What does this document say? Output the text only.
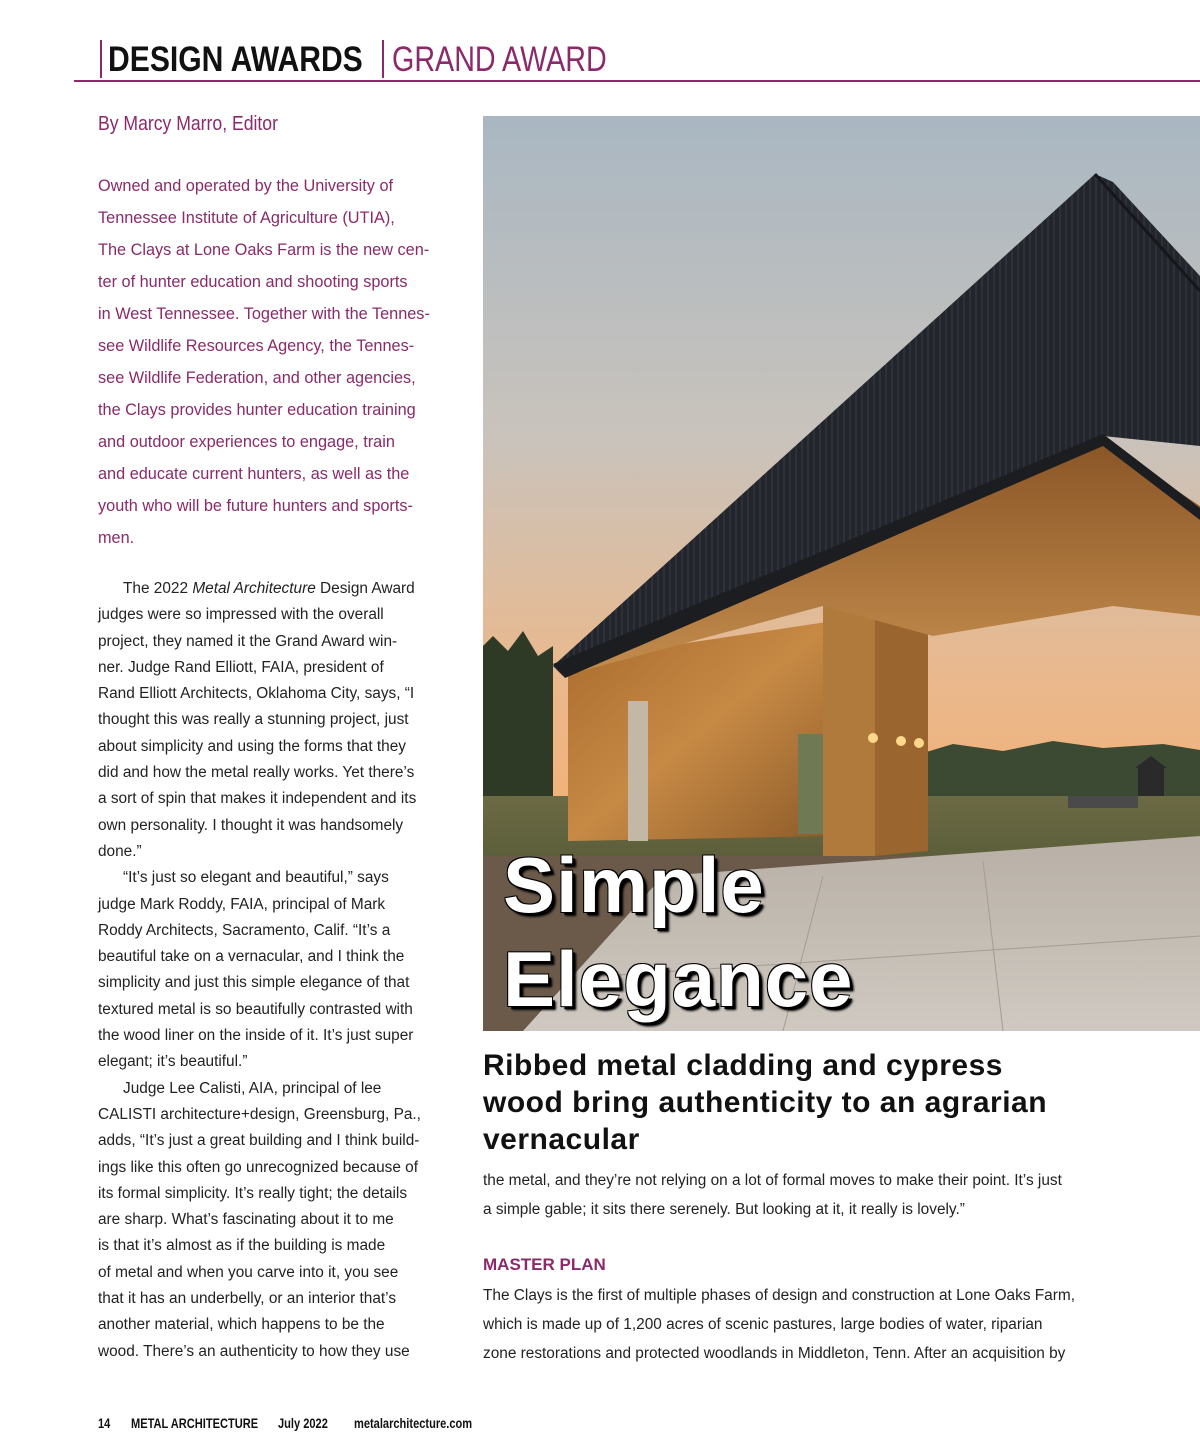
DESIGN AWARDS GRAND AWARD
By Marcy Marro, Editor
Owned and operated by the University of
Tennessee Institute of Agriculture (UTIA),
The Clays at Lone Oaks Farm is the new cen-
ter of hunter education and shooting sports
in West Tennessee. Together with the Tennes-
see Wildlife Resources Agency, the Tennes-
see Wildlife Federation, and other agencies,
the Clays provides hunter education training
and outdoor experiences to engage, train
and educate current hunters, as well as the
youth who will be future hunters and sports-
men.
The 2022 Metal Architecture Design Award
judges were so impressed with the overall
project, they named it the Grand Award win-
ner. Judge Rand Elliott, FAIA, president of
Rand Elliott Architects, Oklahoma City, says, “I
thought this was really a stunning project, just
about simplicity and using the forms that they
did and how the metal really works. Yet there’s
a sort of spin that makes it independent and its
own personality. I thought it was handsomely
done.”
“It’s just so elegant and beautiful,” says
judge Mark Roddy, FAIA, principal of Mark
Roddy Architects, Sacramento, Calif. “It’s a
beautiful take on a vernacular, and I think the
simplicity and just this simple elegance of that
textured metal is so beautifully contrasted with
the wood liner on the inside of it. It’s just super
elegant; it’s beautiful.”
Judge Lee Calisti, AIA, principal of lee
CALISTI architecture+design, Greensburg, Pa.,
adds, “It’s just a great building and I think build-
ings like this often go unrecognized because of
its formal simplicity. It’s really tight; the details
are sharp. What’s fascinating about it to me
is that it’s almost as if the building is made
of metal and when you carve into it, you see
that it has an underbelly, or an interior that’s
another material, which happens to be the
wood. There’s an authenticity to how they use
Simple
Elegance
Ribbed metal cladding and cypress
wood bring authenticity to an agrarian
vernacular
the metal, and they’re not relying on a lot of formal moves to make their point. It’s just
a simple gable; it sits there serenely. But looking at it, it really is lovely.”
MASTER PLAN
The Clays is the first of multiple phases of design and construction at Lone Oaks Farm,
which is made up of 1,200 acres of scenic pastures, large bodies of water, riparian
zone restorations and protected woodlands in Middleton, Tenn. After an acquisition by
14 METAL ARCHITECTURE July 2022 metalarchitecture.com
